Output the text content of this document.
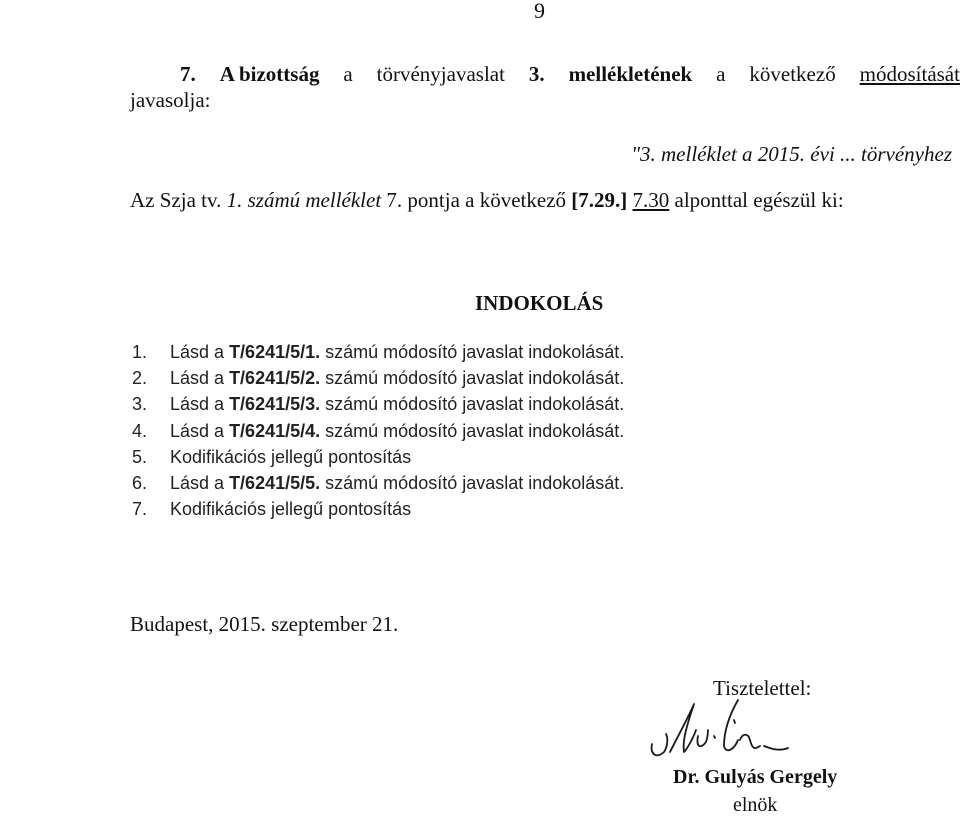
9
7. A bizottság a törvényjavaslat 3. mellékletének a következő módosítását
javasolja:
"3. melléklet a 2015. évi ... törvényhez
Az Szja tv. 1. számú melléklet 7. pontja a következő [7.29.] 7.30 alponttal egészül ki:
INDOKOLÁS
1. Lásd a T/6241/5/1. számú módosító javaslat indokolását.
2. Lásd a T/6241/5/2. számú módosító javaslat indokolását.
3. Lásd a T/6241/5/3. számú módosító javaslat indokolását.
4. Lásd a T/6241/5/4. számú módosító javaslat indokolását.
5. Kodifikációs jellegű pontosítás
6. Lásd a T/6241/5/5. számú módosító javaslat indokolását.
7. Kodifikációs jellegű pontosítás
Budapest, 2015. szeptember 21.
Tisztelettel:
Dr. Gulyás Gergely
elnök
